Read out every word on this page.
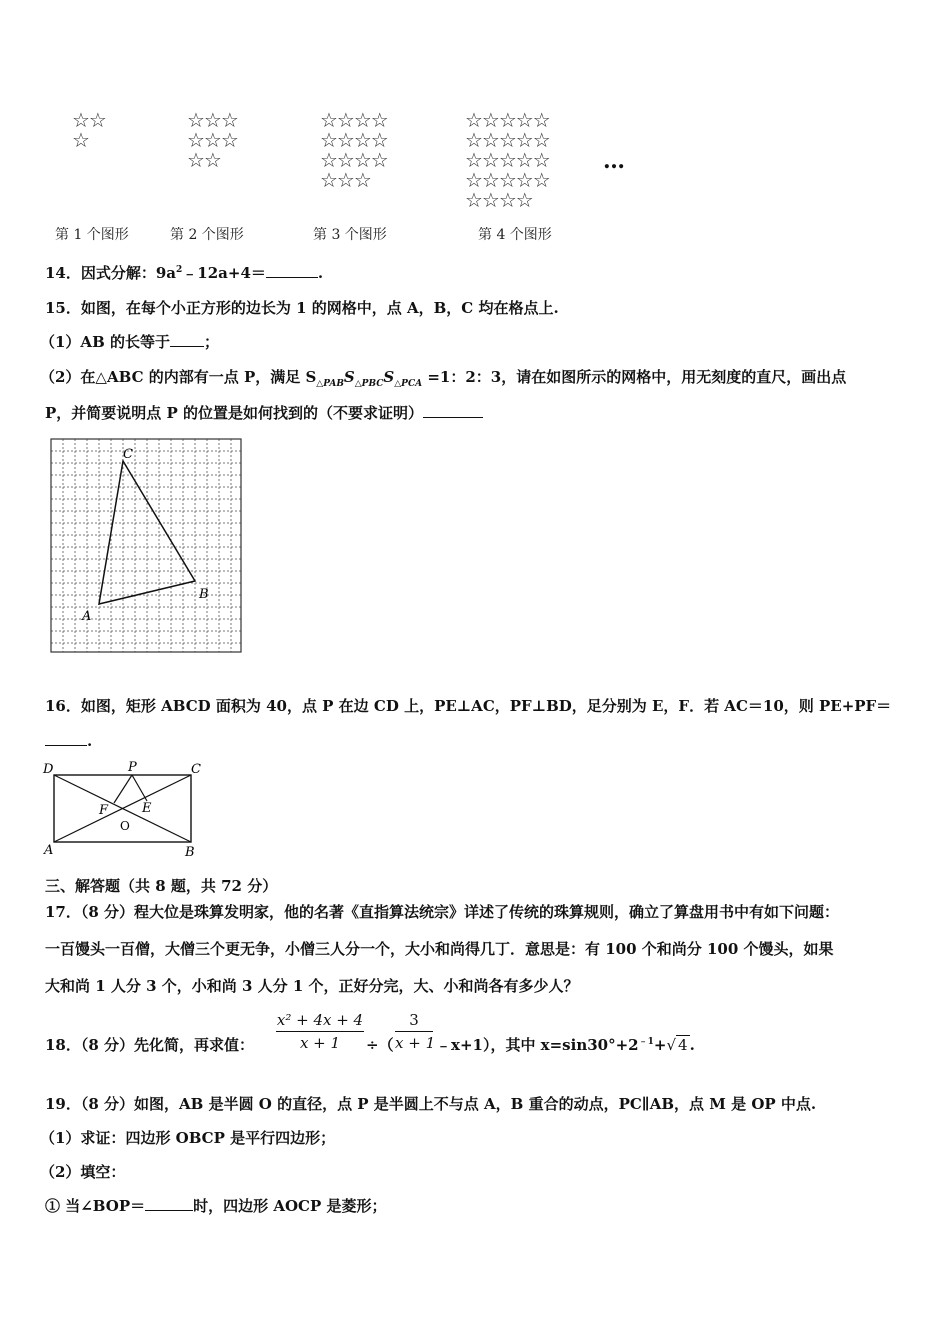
☆☆
☆
☆☆☆
☆☆☆
☆☆
☆☆☆☆
☆☆☆☆
☆☆☆☆
☆☆☆
☆☆☆☆☆
☆☆☆☆☆
☆☆☆☆☆
☆☆☆☆☆
☆☆☆☆
…
第 1 个图形	第 2 个图形	第 3 个图形	第 4 个图形
14．因式分解：$9a^2﹣12a+4=$	.
15．如图，在每个小正方形的边长为 1 的网格中，点 A，B，C 均在格点上.
（1）AB 的长等于 ；
（2）在△ABC 的内部有一点 P，满足 $S_{\triangle PAB}S_{\triangle PBC}S_{\triangle PCA} =1$：2：3，请在如图所示的网格中，用无刻度的直尺，画出点
P，并简要说明点 P 的位置是如何找到的（不要求证明）
C
B
A
16．如图，矩形 ABCD 面积为 40，点 P 在边 CD 上，PE⊥AC，PF⊥BD，足分别为 E，F．若 AC＝10，则 PE+PF＝
.
D	P	C
F	E
O
A	B
三、解答题（共 8 题，共 72 分）
17．（8 分）程大位是珠算发明家，他的名著《直指算法统宗》详述了传统的珠算规则，确立了算盘用书中有如下问题：
一百馒头一百僧，大僧三个更无争，小僧三人分一个，大小和尚得几丁．意思是：有 100 个和尚分 100 个馒头，如果
大和尚 1 人分 3 个，小和尚 3 人分 1 个，正好分完，大、小和尚各有多少人？
18．（8 分）先化简，再求值：
x² + 4x + 4
x + 1	÷（
3
x + 1 ﹣x+1），其中 $x=\sin 30^\circ+2^{﹣1}+√$ 4 .
19．（8 分）如图，AB 是半圆 O 的直径，点 P 是半圆上不与点 A，B 重合的动点，PC∥AB，点 M 是 OP 中点.
（1）求证：四边形 OBCP 是平行四边形；
（2）填空：
① 当∠BOP＝	时，四边形 AOCP 是菱形；
